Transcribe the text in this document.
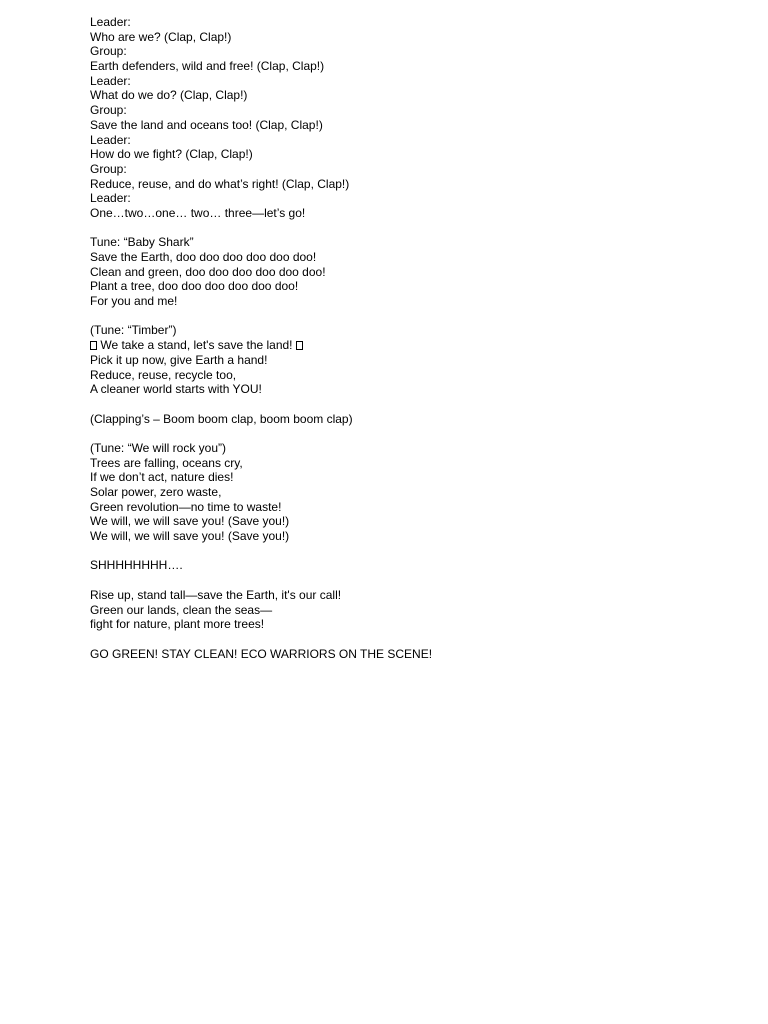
Leader:
Who are we? (Clap, Clap!)
Group:
Earth defenders, wild and free! (Clap, Clap!)
Leader:
What do we do? (Clap, Clap!)
Group:
Save the land and oceans too! (Clap, Clap!)
Leader:
How do we fight? (Clap, Clap!)
Group:
Reduce, reuse, and do what’s right! (Clap, Clap!)
Leader:
One…two…one… two… three—let’s go!
Tune: “Baby Shark”
Save the Earth, doo doo doo doo doo doo!
Clean and green, doo doo doo doo doo doo!
Plant a tree, doo doo doo doo doo doo!
For you and me!
(Tune: “Timber”)
We take a stand, let's save the land!
Pick it up now, give Earth a hand!
Reduce, reuse, recycle too,
A cleaner world starts with YOU!
(Clapping’s – Boom boom clap, boom boom clap)
(Tune: “We will rock you”)
Trees are falling, oceans cry,
If we don’t act, nature dies!
Solar power, zero waste,
Green revolution—no time to waste!
We will, we will save you! (Save you!)
We will, we will save you! (Save you!)
SHHHHHHHH….
Rise up, stand tall—save the Earth, it's our call!
Green our lands, clean the seas—
fight for nature, plant more trees!
GO GREEN! STAY CLEAN! ECO WARRIORS ON THE SCENE!
